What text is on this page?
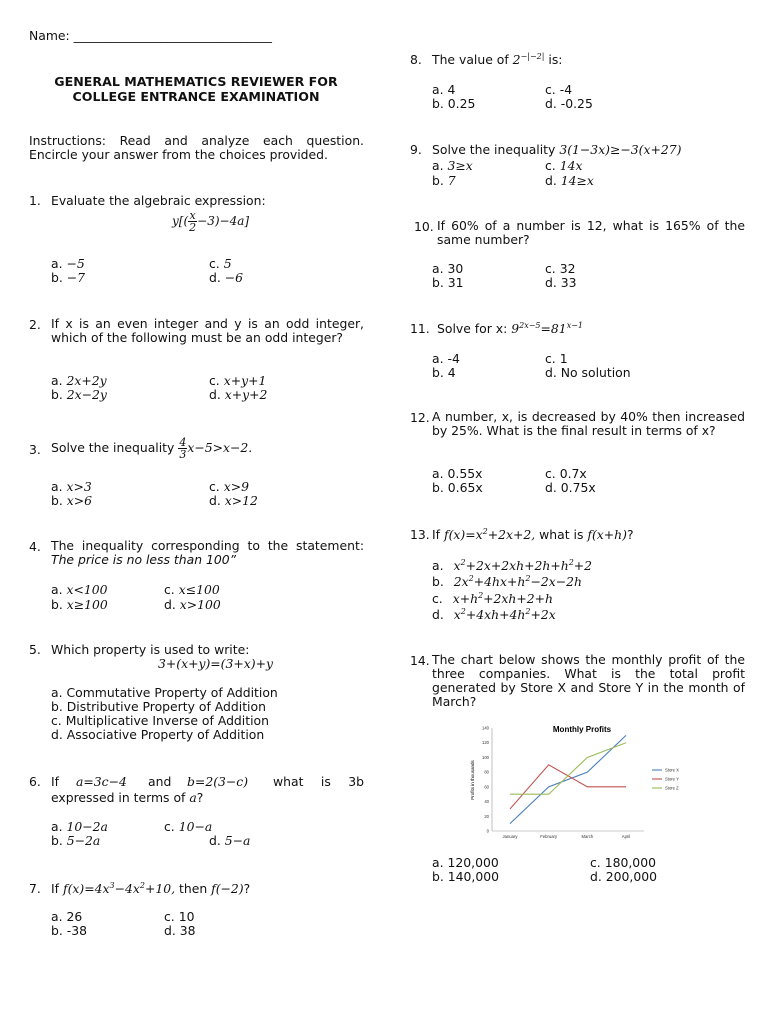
Name: ________________________________
GENERAL MATHEMATICS REVIEWER FOR
COLLEGE ENTRANCE EXAMINATION
Instructions: Read and analyze each question. Encircle your answer from the choices provided.
1. Evaluate the algebraic expression:
$y[( \frac{x}{2} -3)-4a]$
a. −5
b. −7
c. 5
d. −6
2. If x is an even integer and y is an odd integer, which of the following must be an odd integer?
a. 2x+2y
b. 2x−2y
c. x+y+1
d. x+y+2
3. Solve the inequality $\frac{4}{3} x-5>x-2$.
a. x>3
b. x>6
c. x>9
d. x>12
4. The inequality corresponding to the statement: The price is no less than 100”
a. x<100
b. x≥100
c. x≤100
d. x>100
5. Which property is used to write:
3+(x+y)=(3+x)+y
a. Commutative Property of Addition
b. Distributive Property of Addition
c. Multiplicative Inverse of Addition
d. Associative Property of Addition
6. If a=3c−4 and b=2(3−c) what is 3b
expressed in terms of a?
a. 10−2a
b. 5−2a
c. 10−a
d. 5−a
7. If $f(x)=4x^3-4x^2+10$, then f(−2)?
a. 26
b. -38
c. 10
d. 38
8. The value of $2^{-|-2|}$ is:
a. 4
b. 0.25
c. -4
d. -0.25
9. Solve the inequality 3(1−3x)≥−3(x+27)
a. 3≥x
b. 7
c. 14x
d. 14≥x
10. If 60% of a number is 12, what is 165% of the same number?
a. 30
b. 31
c. 32
d. 33
11. Solve for x: $9^{2x-5}=81^{x-1}$
a. -4
b. 4
c. 1
d. No solution
12. A number, x, is decreased by 40% then increased by 25%. What is the final result in terms of x?
a. 0.55x
b. 0.65x
c. 0.7x
d. 0.75x
13. If $f(x)=x^2+2x+2$, what is f(x+h)?
a. $x^2+2x+2xh+2h+h^2+2$
b. $2x^2+4hx+h^2-2x-2h$
c. $x+h^2+2xh+2+h$
d. $x^2+4xh+4h^2+2x$
14. The chart below shows the monthly profit of the three companies. What is the total profit generated by Store X and Store Y in the month of March?
Monthly Profits
Profits in thousands
0
20
40
60
80
100
120
140
January	February	March	April
Store X
Store Y
Store Z
a. 120,000
b. 140,000
c. 180,000
d. 200,000
